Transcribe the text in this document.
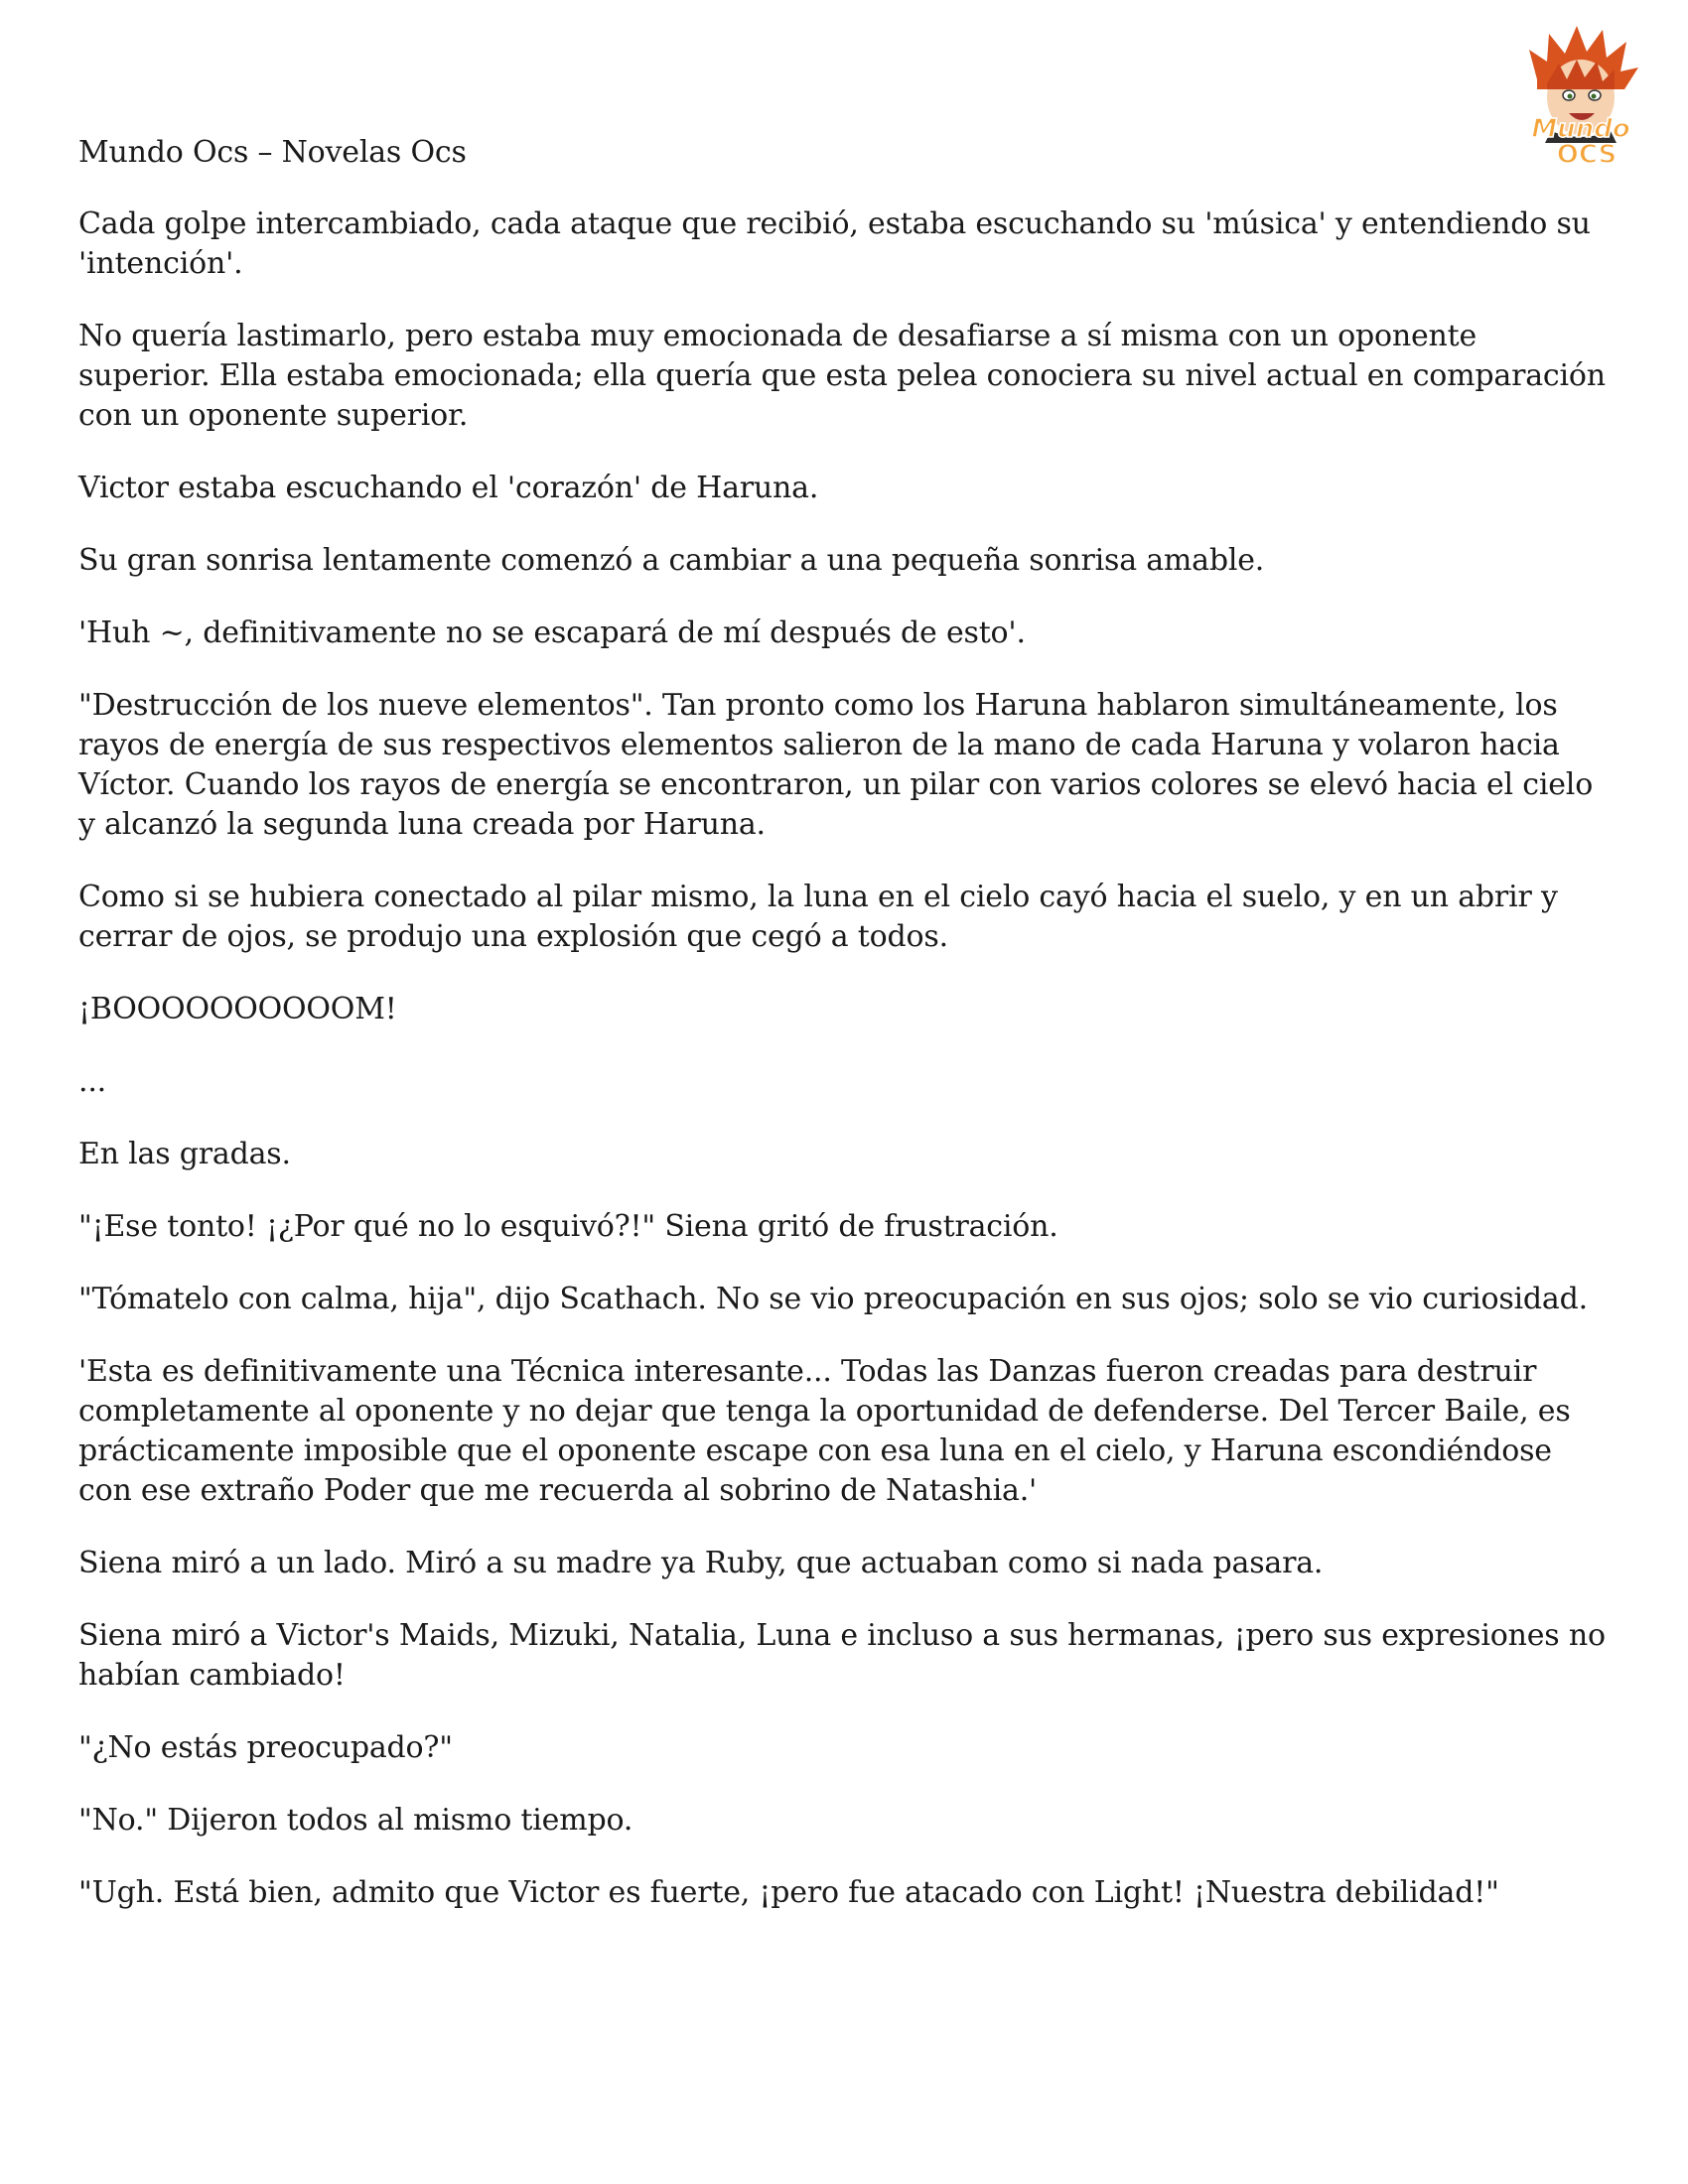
Mundo Ocs – Novelas Ocs
Mundo
OCS

Cada golpe intercambiado, cada ataque que recibió, estaba escuchando su 'música' y entendiendo su 'intención'.

No quería lastimarlo, pero estaba muy emocionada de desafiarse a sí misma con un oponente superior. Ella estaba emocionada; ella quería que esta pelea conociera su nivel actual en comparación con un oponente superior.

Victor estaba escuchando el 'corazón' de Haruna.

Su gran sonrisa lentamente comenzó a cambiar a una pequeña sonrisa amable.

'Huh ~, definitivamente no se escapará de mí después de esto'.

"Destrucción de los nueve elementos". Tan pronto como los Haruna hablaron simultáneamente, los rayos de energía de sus respectivos elementos salieron de la mano de cada Haruna y volaron hacia Víctor. Cuando los rayos de energía se encontraron, un pilar con varios colores se elevó hacia el cielo y alcanzó la segunda luna creada por Haruna.

Como si se hubiera conectado al pilar mismo, la luna en el cielo cayó hacia el suelo, y en un abrir y cerrar de ojos, se produjo una explosión que cegó a todos.

¡BOOOOOOOOOOM!

...

En las gradas.

"¡Ese tonto! ¡¿Por qué no lo esquivó?!" Siena gritó de frustración.

"Tómatelo con calma, hija", dijo Scathach. No se vio preocupación en sus ojos; solo se vio curiosidad.

'Esta es definitivamente una Técnica interesante... Todas las Danzas fueron creadas para destruir completamente al oponente y no dejar que tenga la oportunidad de defenderse. Del Tercer Baile, es prácticamente imposible que el oponente escape con esa luna en el cielo, y Haruna escondiéndose con ese extraño Poder que me recuerda al sobrino de Natashia.'

Siena miró a un lado. Miró a su madre ya Ruby, que actuaban como si nada pasara.

Siena miró a Victor's Maids, Mizuki, Natalia, Luna e incluso a sus hermanas, ¡pero sus expresiones no habían cambiado!

"¿No estás preocupado?"

"No." Dijeron todos al mismo tiempo.

"Ugh. Está bien, admito que Victor es fuerte, ¡pero fue atacado con Light! ¡Nuestra debilidad!"
